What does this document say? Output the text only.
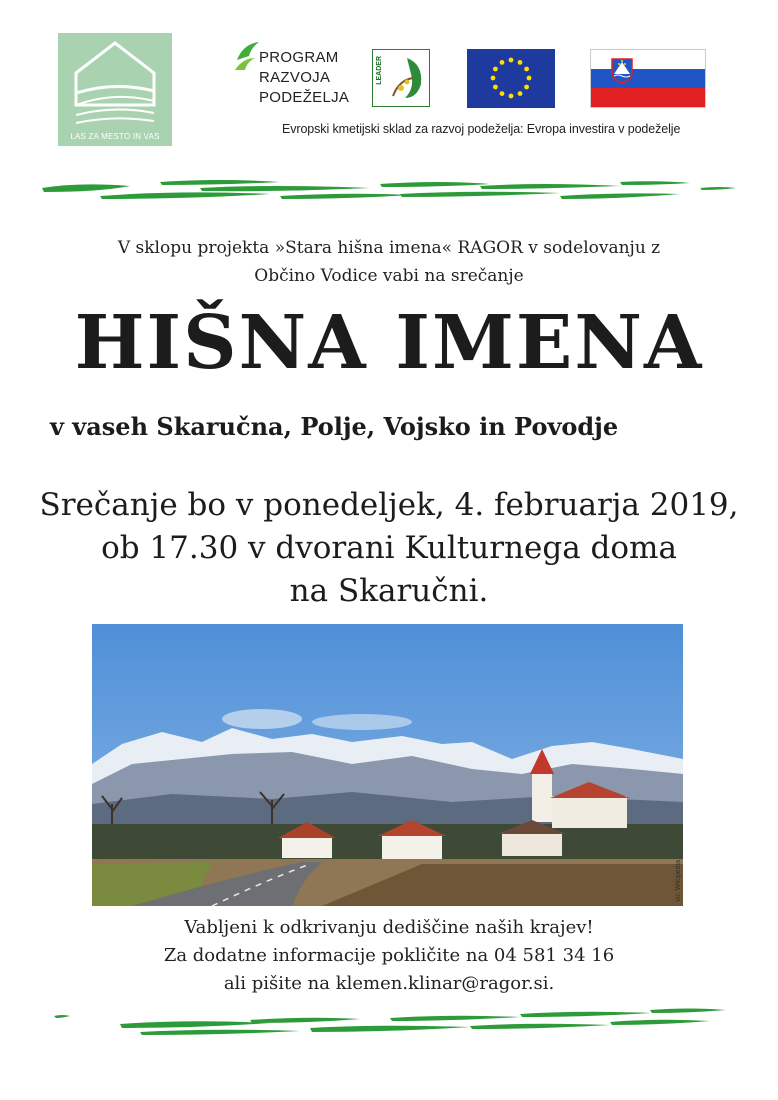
LAS ZA MESTO IN VAS
PROGRAM
RAZVOJA
PODEŽELJA
LEADER
Evropski kmetijski sklad za razvoj podeželja: Evropa investira v podeželje
V sklopu projekta »Stara hišna imena« RAGOR v sodelovanju z
Občino Vodice vabi na srečanje
HIŠNA IMENA
v vaseh Skaručna, Polje, Vojsko in Povodje
Srečanje bo v ponedeljek, 4. februarja 2019,
ob 17.30 v dvorani Kulturnega doma
na Skaručni.
vir: Wikipedia
Vabljeni k odkrivanju dediščine naših krajev!
Za dodatne informacije pokličite na 04 581 34 16
ali pišite na klemen.klinar@ragor.si.
